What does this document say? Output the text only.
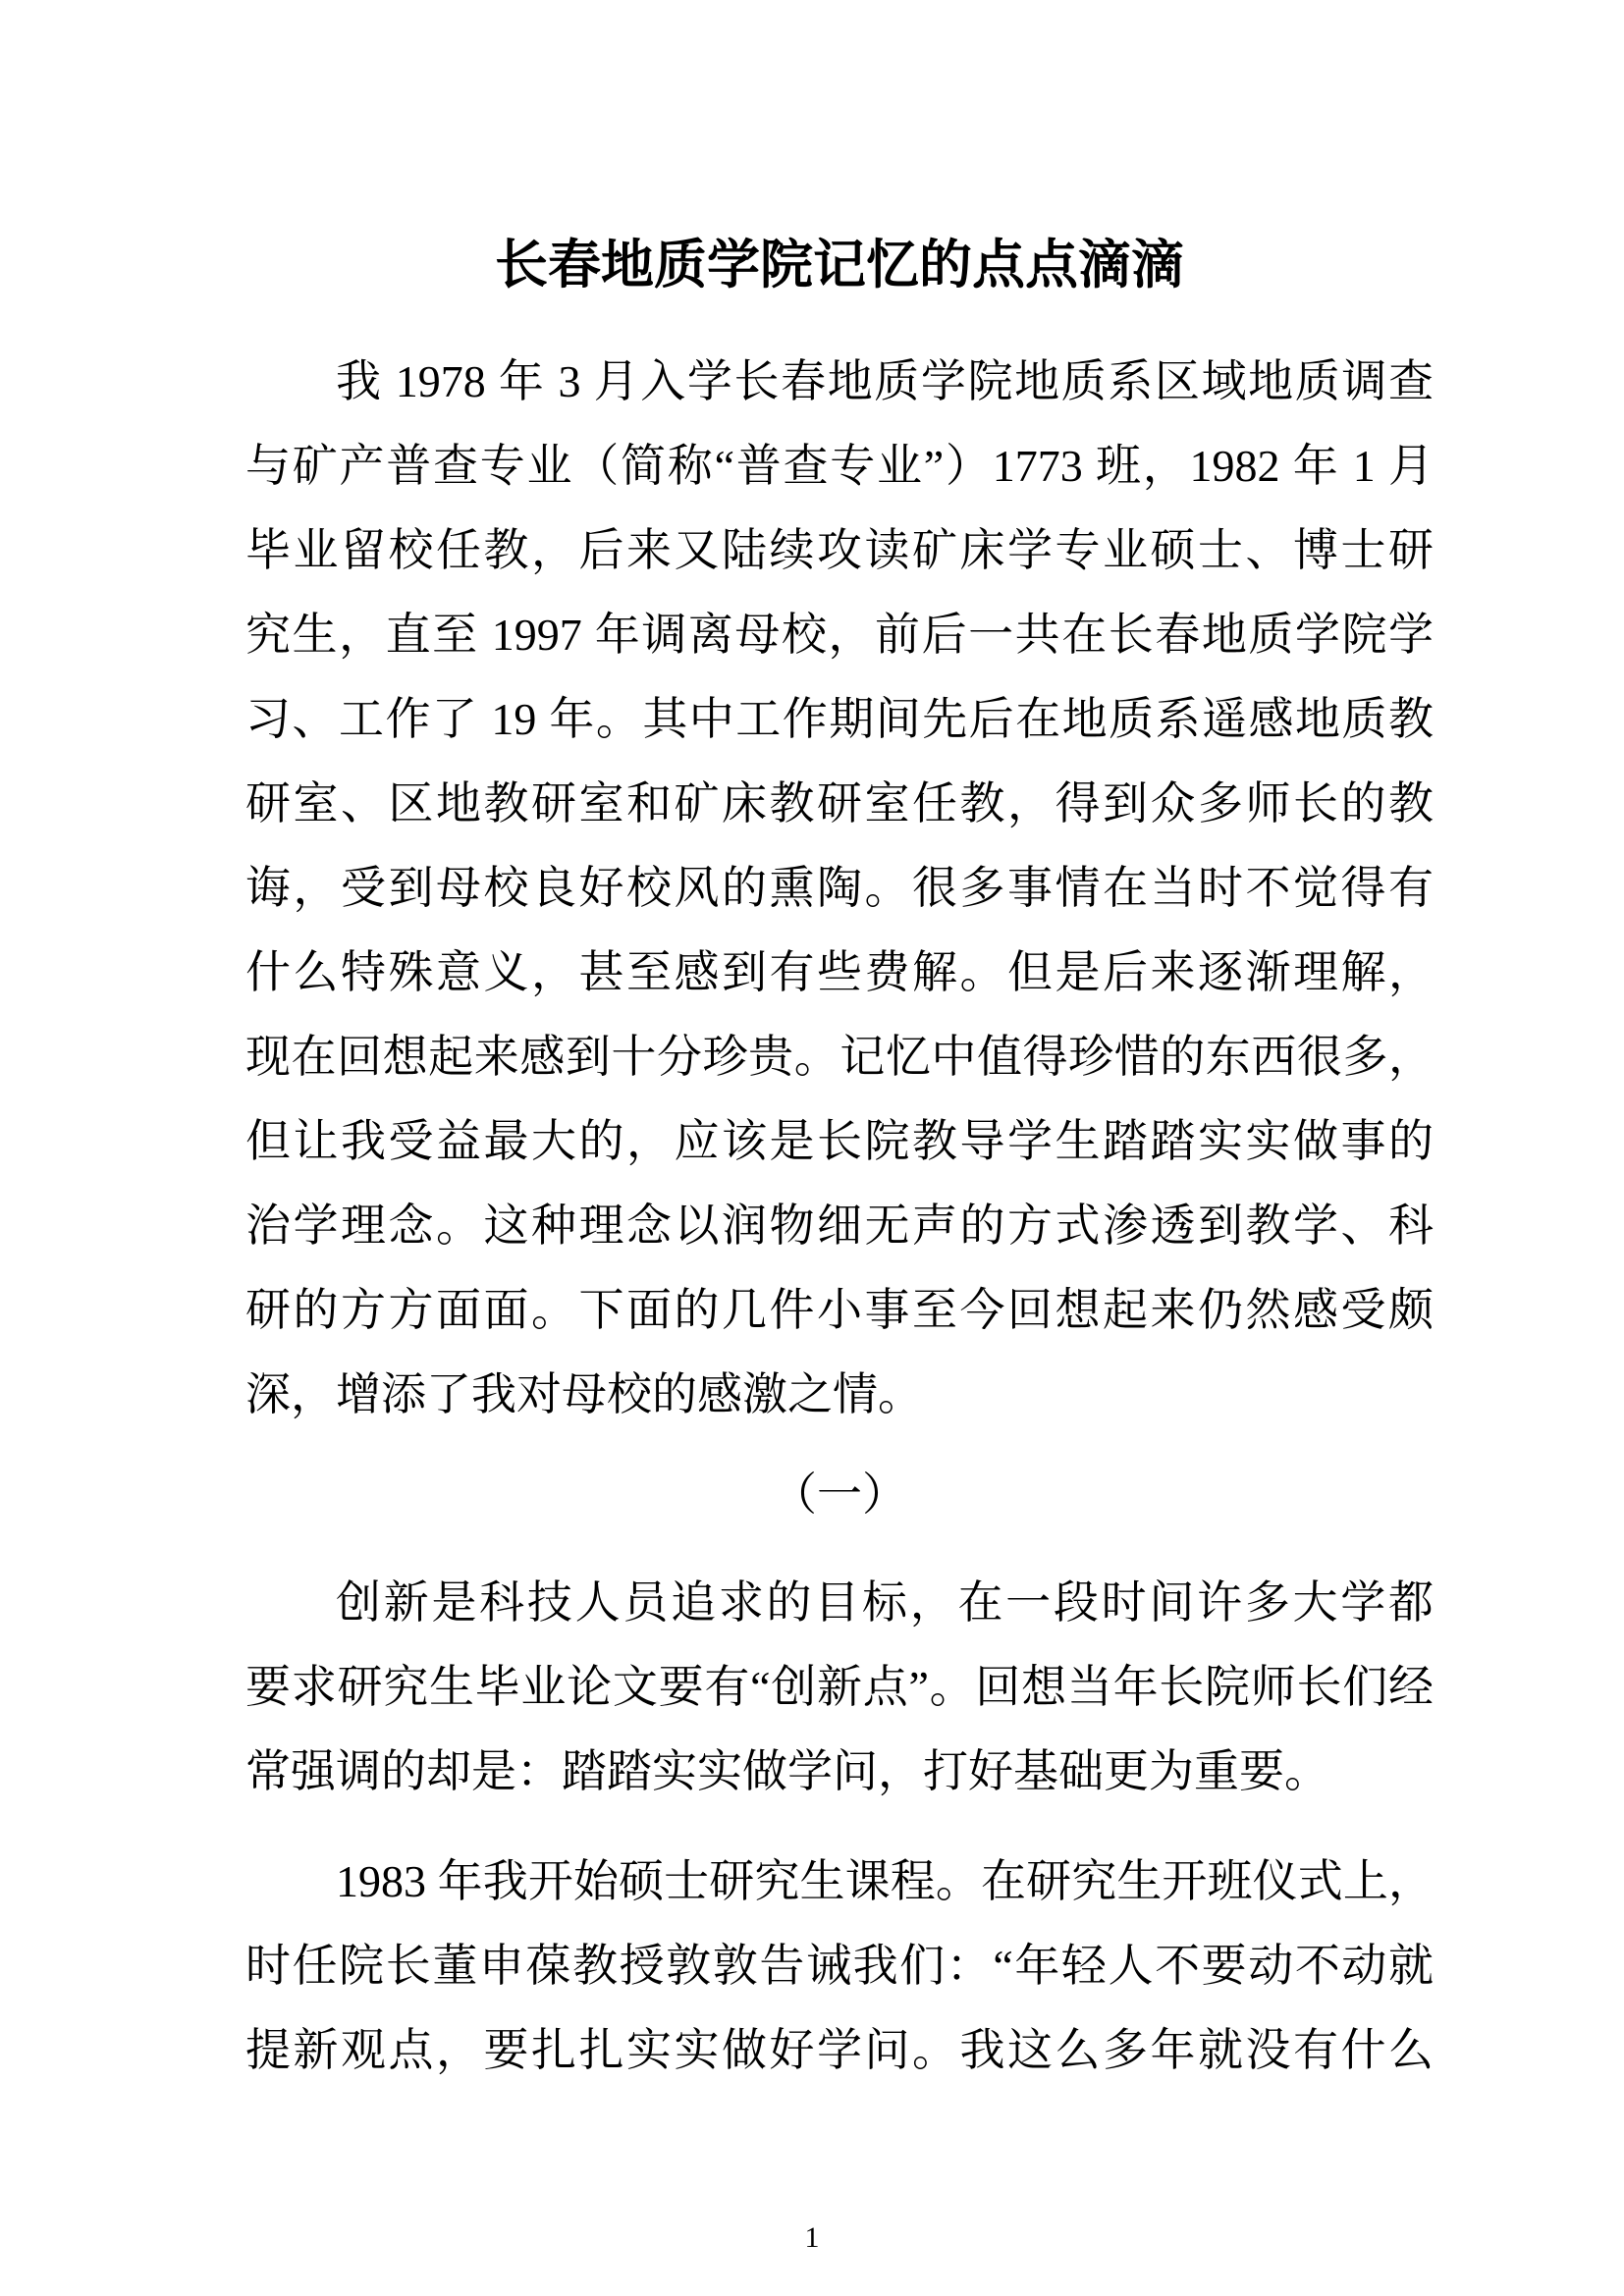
长春地质学院记忆的点点滴滴
我 1978 年 3 月入学长春地质学院地质系区域地质调查
与矿产普查专业（简称“普查专业”）1773 班，1982 年 1 月
毕业留校任教，后来又陆续攻读矿床学专业硕士、博士研
究生，直至 1997 年调离母校，前后一共在长春地质学院学
习、工作了 19 年。其中工作期间先后在地质系遥感地质教
研室、区地教研室和矿床教研室任教，得到众多师长的教
诲，受到母校良好校风的熏陶。很多事情在当时不觉得有
什么特殊意义，甚至感到有些费解。但是后来逐渐理解，
现在回想起来感到十分珍贵。记忆中值得珍惜的东西很多，
但让我受益最大的，应该是长院教导学生踏踏实实做事的
治学理念。这种理念以润物细无声的方式渗透到教学、科
研的方方面面。下面的几件小事至今回想起来仍然感受颇
深，增添了我对母校的感激之情。
（一）
创新是科技人员追求的目标，在一段时间许多大学都
要求研究生毕业论文要有“创新点”。回想当年长院师长们经
常强调的却是：踏踏实实做学问，打好基础更为重要。
1983 年我开始硕士研究生课程。在研究生开班仪式上，
时任院长董申葆教授敦敦告诫我们：“年轻人不要动不动就
提新观点，要扎扎实实做好学问。我这么多年就没有什么
1
